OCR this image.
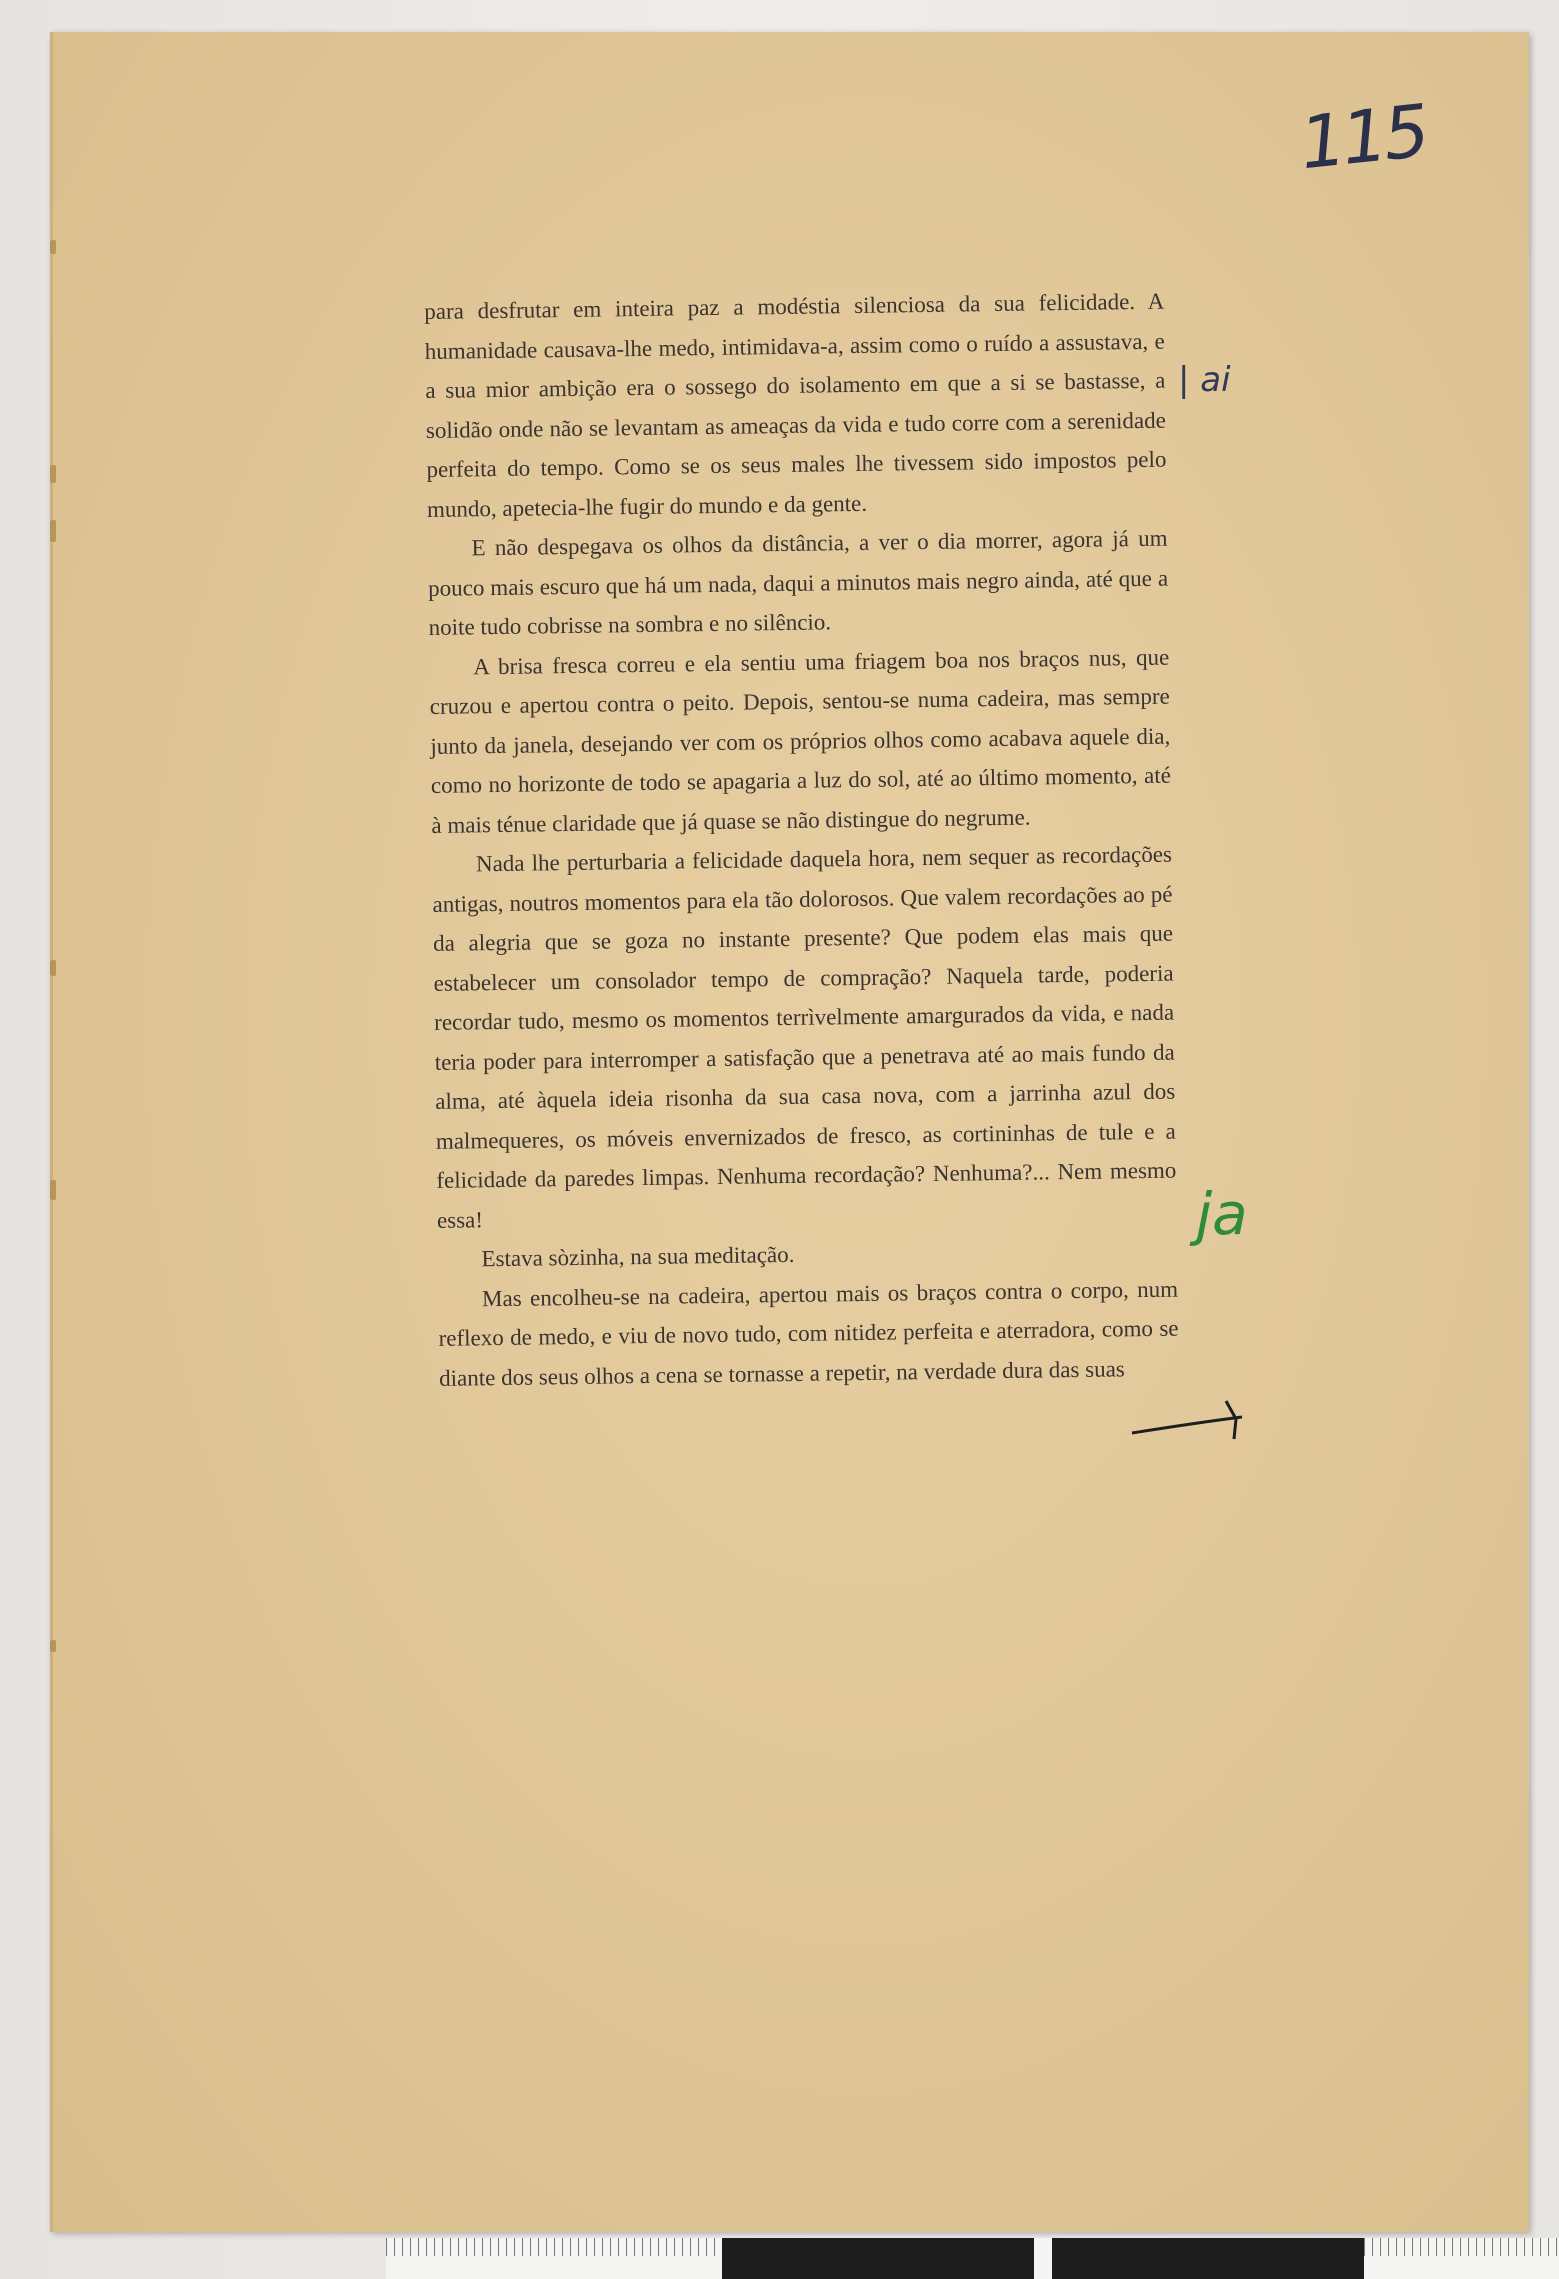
115

para desfrutar em inteira paz a modéstia silenciosa da sua felicidade. A humanidade causava-lhe medo, intimidava-a, assim como o ruído a assustava, e a sua mior ambição era o sossego do isolamento em que a si se bastasse, a solidão onde não se levantam as ameaças da vida e tudo corre com a serenidade perfeita do tempo. Como se os seus males lhe tivessem sido impostos pelo mundo, apetecia-lhe fugir do mundo e da gente.

E não despegava os olhos da distância, a ver o dia morrer, agora já um pouco mais escuro que há um nada, daqui a minutos mais negro ainda, até que a noite tudo cobrisse na sombra e no silêncio.

A brisa fresca correu e ela sentiu uma friagem boa nos braços nus, que cruzou e apertou contra o peito. Depois, sentou-se numa cadeira, mas sempre junto da janela, desejando ver com os próprios olhos como acabava aquele dia, como no horizonte de todo se apagaria a luz do sol, até ao último momento, até à mais ténue claridade que já quase se não distingue do negrume.

Nada lhe perturbaria a felicidade daquela hora, nem sequer as recordações antigas, noutros momentos para ela tão dolorosos. Que valem recordações ao pé da alegria que se goza no instante presente? Que podem elas mais que estabelecer um consolador tempo de compração? Naquela tarde, poderia recordar tudo, mesmo os momentos terrìvelmente amargurados da vida, e nada teria poder para interromper a satisfação que a penetrava até ao mais fundo da alma, até àquela ideia risonha da sua casa nova, com a jarrinha azul dos malmequeres, os móveis envernizados de fresco, as cortininhas de tule e a felicidade da paredes limpas. Nenhuma recordação? Nenhuma?... Nem mesmo essa!

Estava sòzinha, na sua meditação.

Mas encolheu-se na cadeira, apertou mais os braços contra o corpo, num reflexo de medo, e viu de novo tudo, com nitidez perfeita e aterradora, como se diante dos seus olhos a cena se tornasse a repetir, na verdade dura das suas

| ai
ja
